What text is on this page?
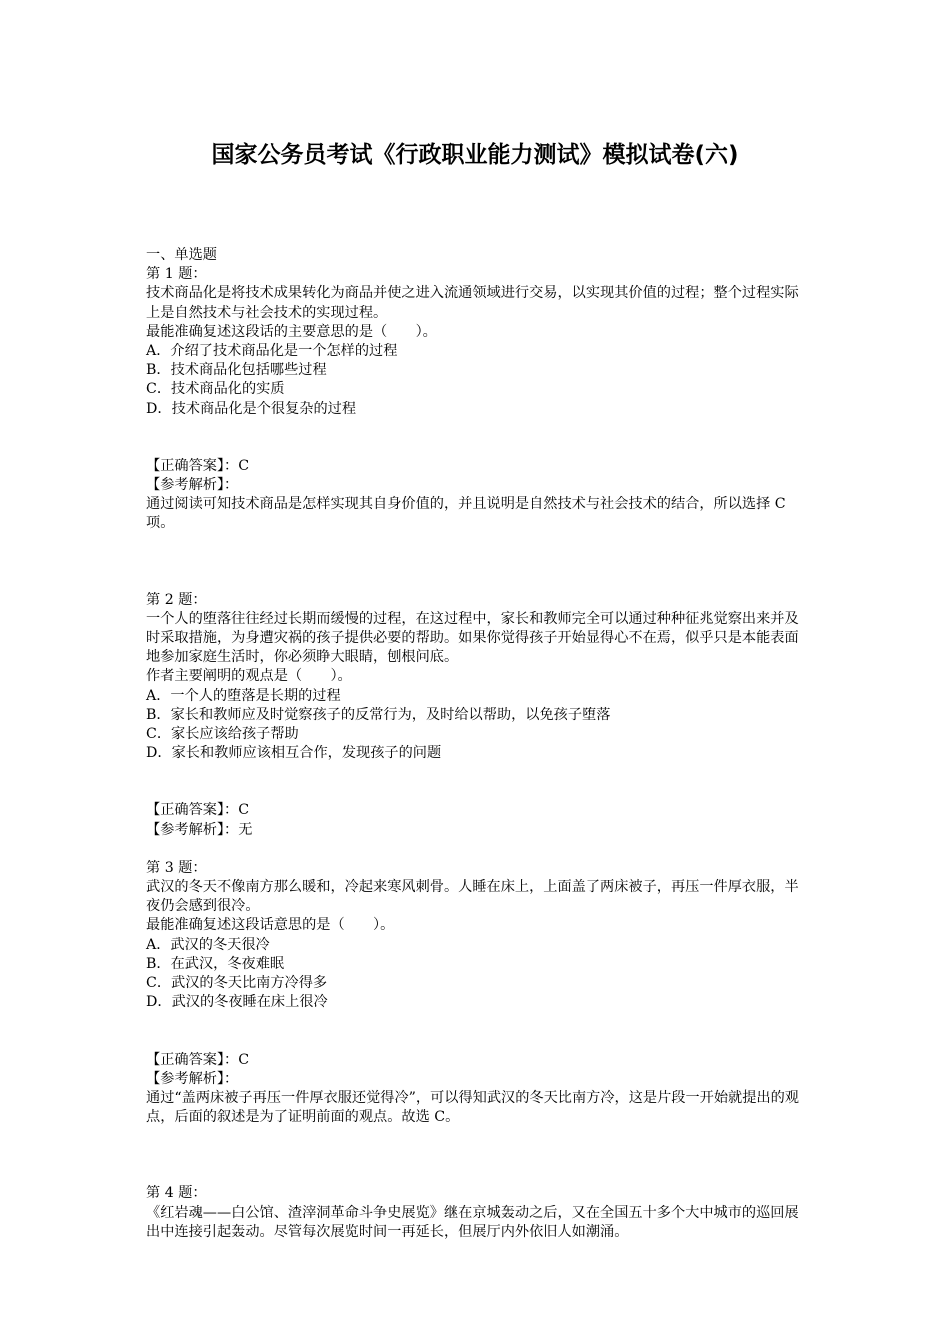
国家公务员考试《行政职业能力测试》模拟试卷(六)

一、单选题

第 1 题：

技术商品化是将技术成果转化为商品并使之进入流通领域进行交易，以实现其价值的过程；整个过程实际上是自然技术与社会技术的实现过程。

最能准确复述这段话的主要意思的是（　　）。

A．介绍了技术商品化是一个怎样的过程

B．技术商品化包括哪些过程

C．技术商品化的实质

D．技术商品化是个很复杂的过程

【正确答案】：C

【参考解析】：

通过阅读可知技术商品是怎样实现其自身价值的，并且说明是自然技术与社会技术的结合，所以选择 C 项。

第 2 题：

一个人的堕落往往经过长期而缓慢的过程，在这过程中，家长和教师完全可以通过种种征兆觉察出来并及时采取措施，为身遭灾祸的孩子提供必要的帮助。如果你觉得孩子开始显得心不在焉，似乎只是本能表面地参加家庭生活时，你必须睁大眼睛，刨根问底。

作者主要阐明的观点是（　　）。

A．一个人的堕落是长期的过程

B．家长和教师应及时觉察孩子的反常行为，及时给以帮助，以免孩子堕落

C．家长应该给孩子帮助

D．家长和教师应该相互合作，发现孩子的问题

【正确答案】：C

【参考解析】：无

第 3 题：

武汉的冬天不像南方那么暖和，冷起来寒风刺骨。人睡在床上，上面盖了两床被子，再压一件厚衣服，半夜仍会感到很冷。

最能准确复述这段话意思的是（　　）。

A．武汉的冬天很冷

B．在武汉，冬夜难眠

C．武汉的冬天比南方冷得多

D．武汉的冬夜睡在床上很冷

【正确答案】：C

【参考解析】：

通过“盖两床被子再压一件厚衣服还觉得冷”，可以得知武汉的冬天比南方冷，这是片段一开始就提出的观点，后面的叙述是为了证明前面的观点。故选 C。

第 4 题：

《红岩魂——白公馆、渣滓洞革命斗争史展览》继在京城轰动之后，又在全国五十多个大中城市的巡回展出中连接引起轰动。尽管每次展览时间一再延长，但展厅内外依旧人如潮涌。
